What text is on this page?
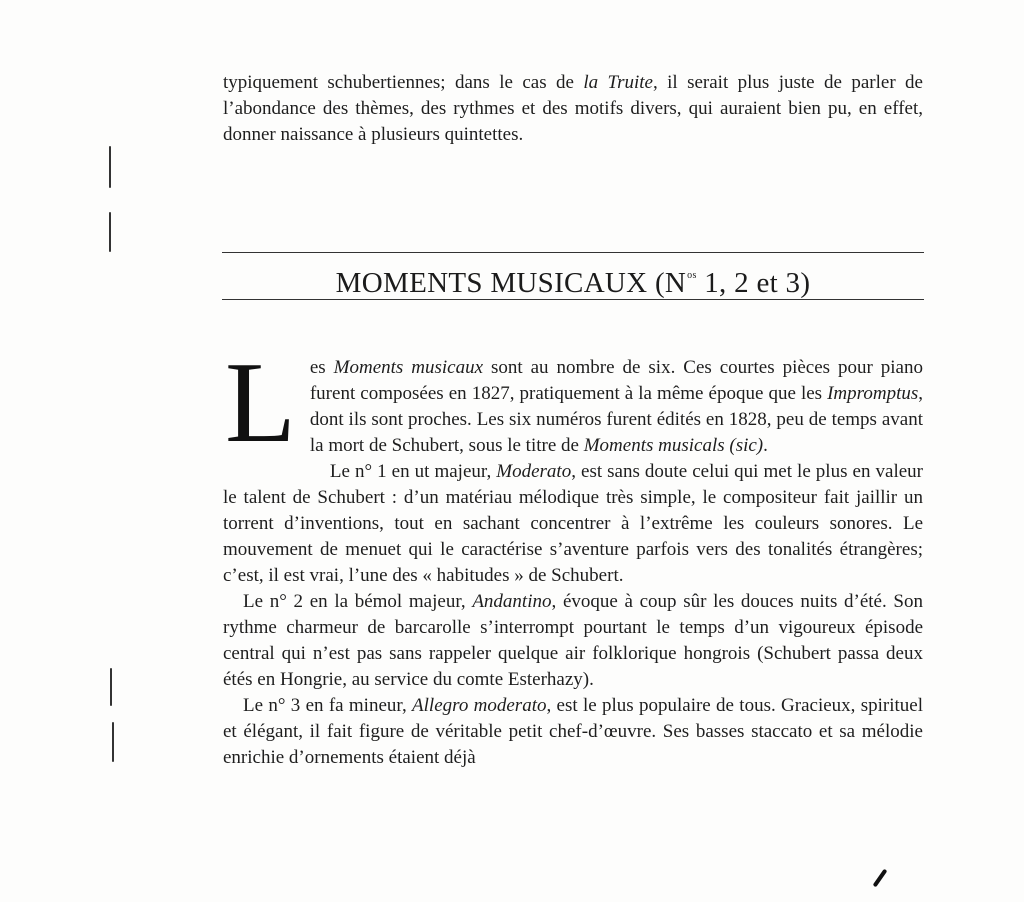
typiquement schubertiennes; dans le cas de la Truite, il serait plus juste de parler de l’abondance des thèmes, des rythmes et des motifs divers, qui auraient bien pu, en effet, donner naissance à plusieurs quintettes.
MOMENTS MUSICAUX ($N^{os}$ 1, 2 et 3)

Les Moments musicaux sont au nombre de six. Ces courtes pièces pour piano furent composées en 1827, pratiquement à la même époque que les Impromptus, dont ils sont proches. Les six numéros furent édités en 1828, peu de temps avant la mort de Schubert, sous le titre de Moments musicals (sic).

Le n° 1 en ut majeur, Moderato, est sans doute celui qui met le plus en valeur le talent de Schubert : d’un matériau mélodique très simple, le compositeur fait jaillir un torrent d’inventions, tout en sachant concentrer à l’extrême les couleurs sonores. Le mouvement de menuet qui le caractérise s’aventure parfois vers des tonalités étrangères; c’est, il est vrai, l’une des « habitudes » de Schubert.

Le n° 2 en la bémol majeur, Andantino, évoque à coup sûr les douces nuits d’été. Son rythme charmeur de barcarolle s’interrompt pourtant le temps d’un vigoureux épisode central qui n’est pas sans rappeler quelque air folklorique hongrois (Schubert passa deux étés en Hongrie, au service du comte Esterhazy).

Le n° 3 en fa mineur, Allegro moderato, est le plus populaire de tous. Gracieux, spirituel et élégant, il fait figure de véritable petit chef-d’œuvre. Ses basses staccato et sa mélodie enrichie d’ornements étaient déjà
